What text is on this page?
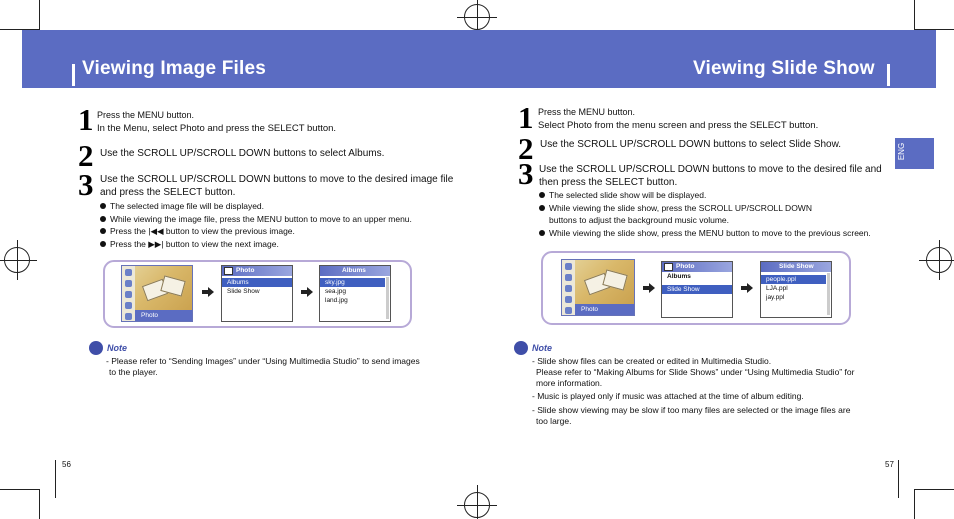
Viewing Image Files	Viewing Slide Show
ENG
1 Press the MENU button.
In the Menu, select Photo and press the SELECT button.
2 Use the SCROLL UP/SCROLL DOWN buttons to select Albums.
3 Use the SCROLL UP/SCROLL DOWN buttons to move to the desired image file
and press the SELECT button.
The selected image file will be displayed.
While viewing the image file, press the MENU button to move to an upper menu.
Press the |◀◀ button to view the previous image.
Press the ▶▶| button to view the next image.
Photo
Photo
Albums
Slide Show
Albums
sky.jpg
sea.jpg
land.jpg
Note
- Please refer to “Sending Images” under “Using Multimedia Studio” to send images
to the player.
56
1 Press the MENU button.
Select Photo from the menu screen and press the SELECT button.
2 Use the SCROLL UP/SCROLL DOWN buttons to select Slide Show.
3 Use the SCROLL UP/SCROLL DOWN buttons to move to the desired file and
then press the SELECT button.
The selected slide show will be displayed.
While viewing the slide show, press the SCROLL UP/SCROLL DOWN
buttons to adjust the background music volume.
While viewing the slide show, press the MENU button to move to the previous screen.
Photo
Photo
Albums
Slide Show
Slide Show
people.ppl
LJA.ppl
jay.ppl
Note
- Slide show files can be created or edited in Multimedia Studio.
Please refer to “Making Albums for Slide Shows” under “Using Multimedia Studio” for
more information.
- Music is played only if music was attached at the time of album editing.
- Slide show viewing may be slow if too many files are selected or the image files are
too large.
57
